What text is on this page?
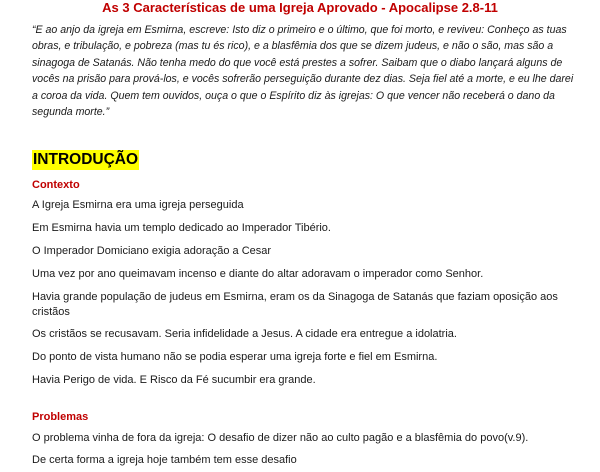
As 3 Características de uma Igreja Aprovado - Apocalipse 2.8-11
“E ao anjo da igreja em Esmirna, escreve: Isto diz o primeiro e o último, que foi morto, e reviveu: Conheço as tuas obras, e tribulação, e pobreza (mas tu és rico), e a blasfêmia dos que se dizem judeus, e não o são, mas são a sinagoga de Satanás. Não tenha medo do que você está prestes a sofrer. Saibam que o diabo lançará alguns de vocês na prisão para prová-los, e vocês sofrerão perseguição durante dez dias. Seja fiel até a morte, e eu lhe darei a coroa da vida. Quem tem ouvidos, ouça o que o Espírito diz às igrejas: O que vencer não receberá o dano da segunda morte.”
INTRODUÇÃO
Contexto
A Igreja Esmirna era uma igreja perseguida
Em Esmirna havia um templo dedicado ao Imperador Tibério.
O Imperador Domiciano exigia adoração a Cesar
Uma vez por ano queimavam incenso e diante do altar adoravam o imperador como Senhor.
Havia grande população de judeus em Esmirna, eram os da Sinagoga de Satanás que faziam oposição aos cristãos
Os cristãos se recusavam. Seria infidelidade a Jesus. A cidade era entregue a idolatria.
Do ponto de vista humano não se podia esperar uma igreja forte e fiel em Esmirna.
Havia Perigo de vida. E Risco da Fé sucumbir era grande.
Problemas
O problema vinha de fora da igreja: O desafio de dizer não ao culto pagão e a blasfêmia do povo(v.9).
De certa forma a igreja hoje também tem esse desafio
